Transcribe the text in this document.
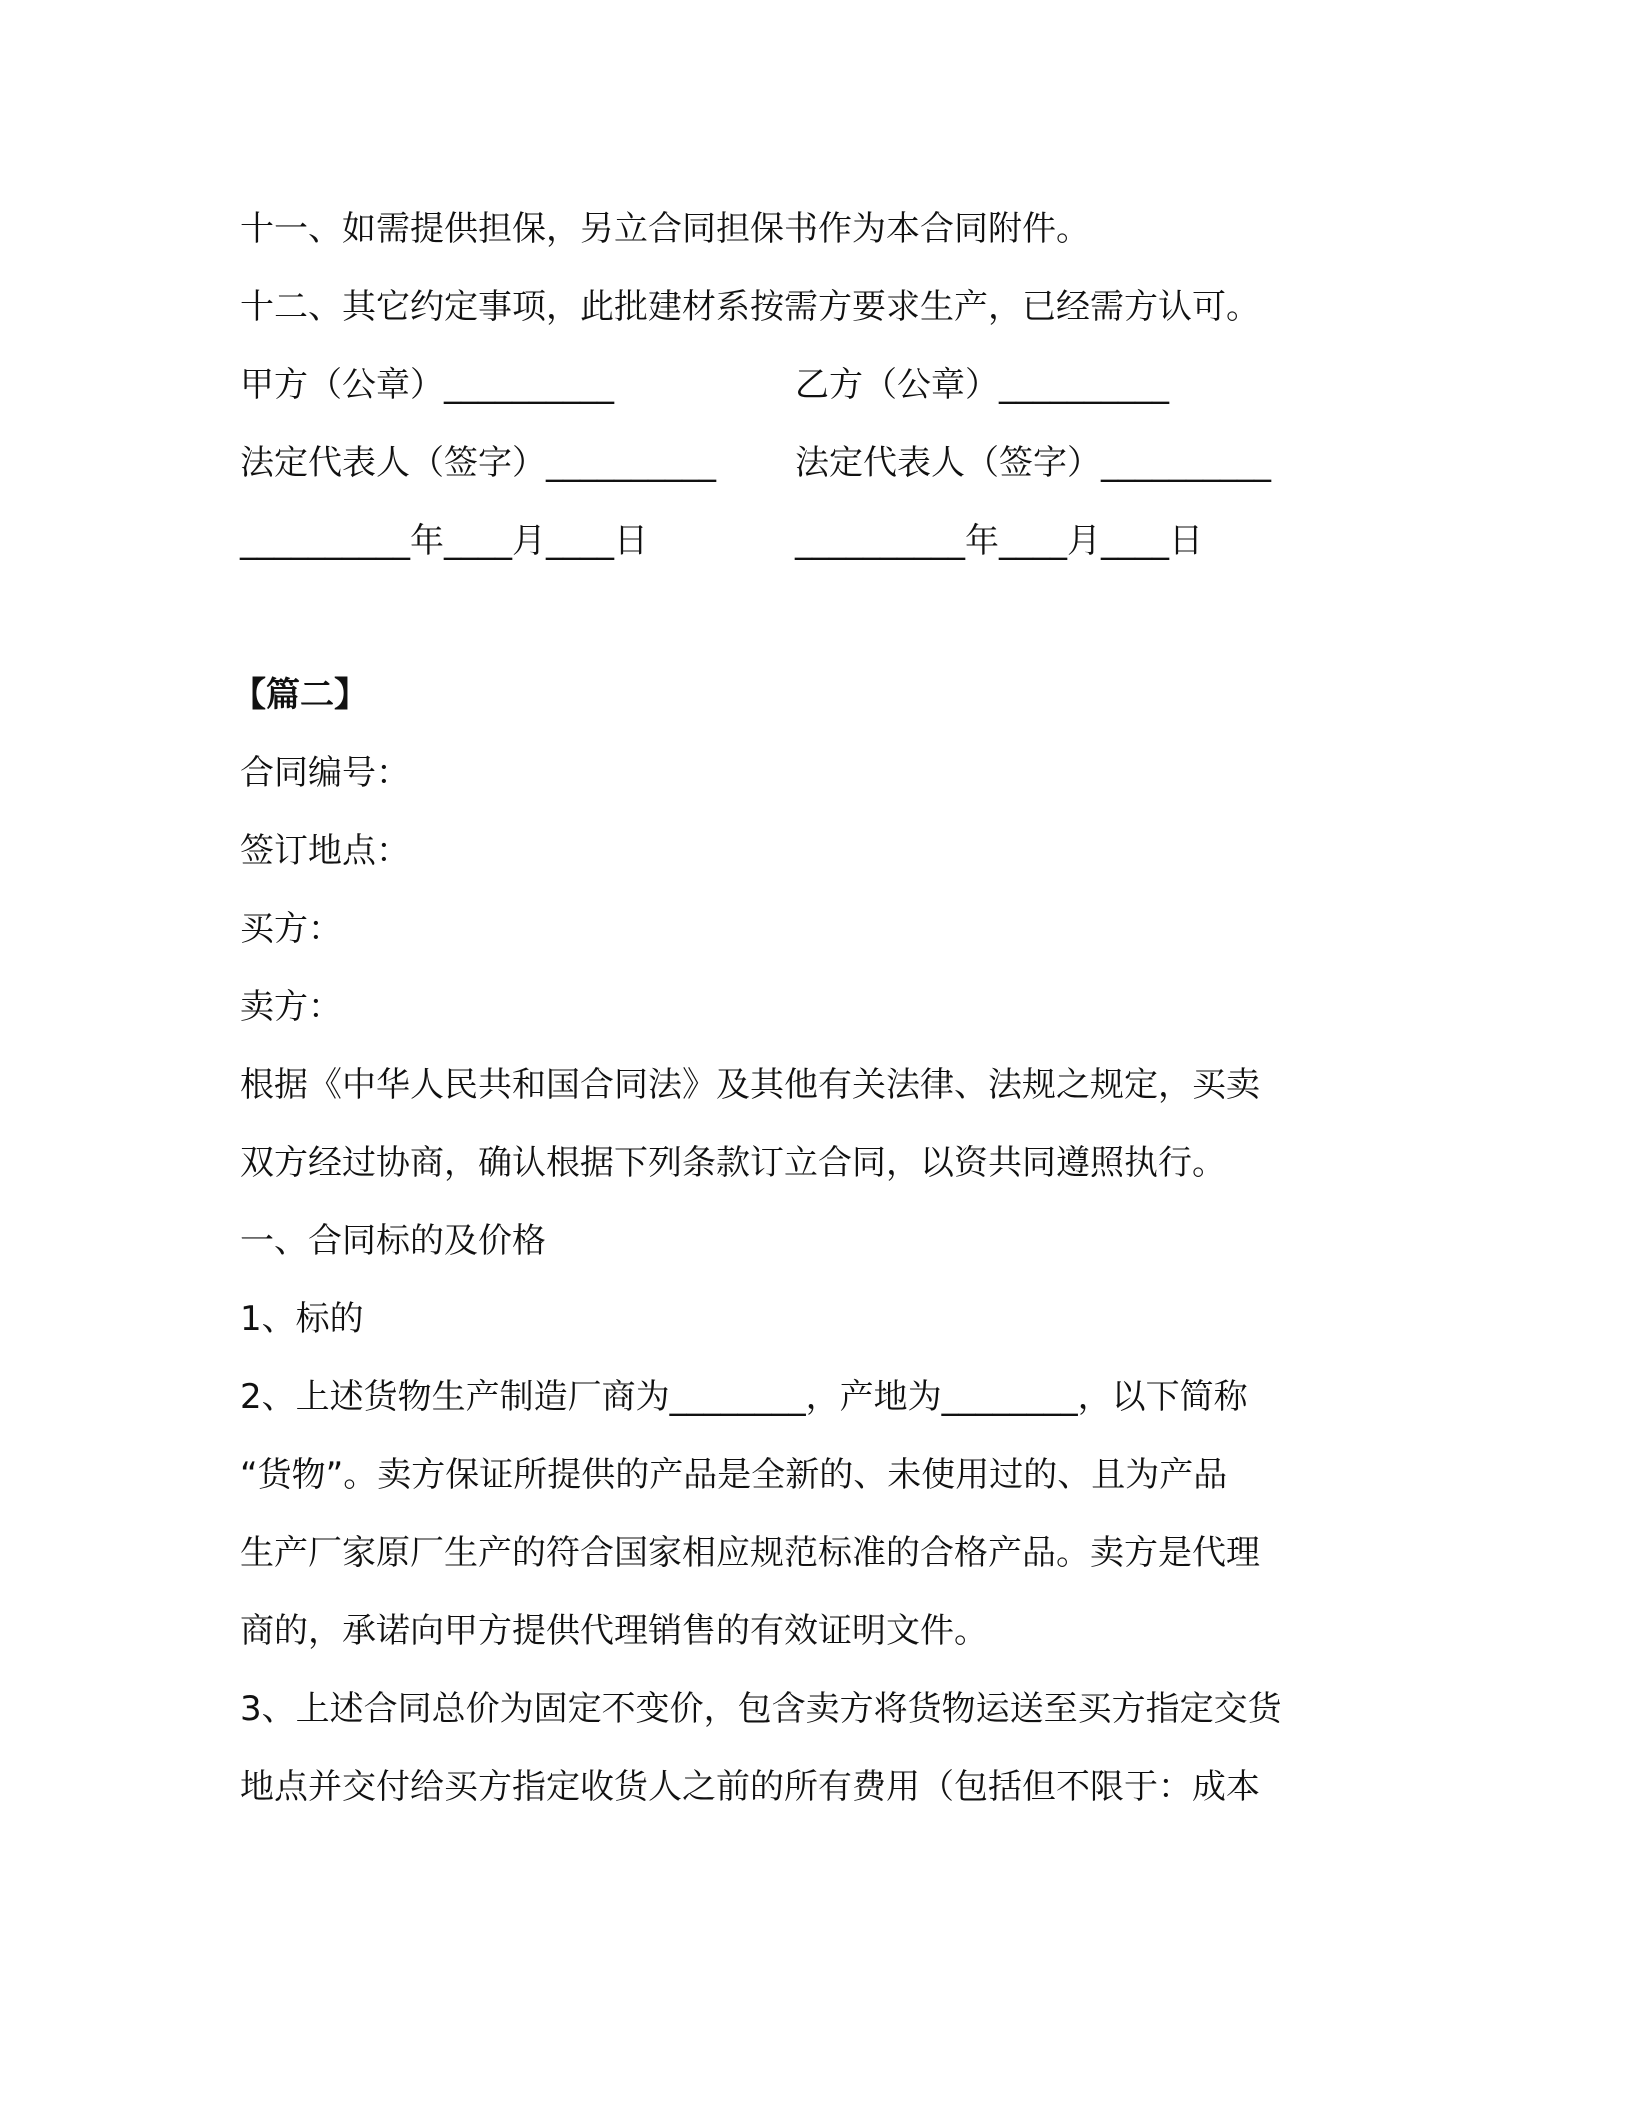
十一、如需提供担保，另立合同担保书作为本合同附件。
十二、其它约定事项，此批建材系按需方要求生产，已经需方认可。
甲方（公章）__________	乙方（公章）__________
法定代表人（签字）__________ 法定代表人（签字）__________
__________年____月____日	__________年____月____日
【篇二】
合同编号：
签订地点：
买方：
卖方：
根据《中华人民共和国合同法》及其他有关法律、法规之规定，买卖
双方经过协商，确认根据下列条款订立合同，以资共同遵照执行。
一、合同标的及价格
1、标的
2、上述货物生产制造厂商为________，产地为________，以下简称
“货物”。卖方保证所提供的产品是全新的、未使用过的、且为产品
生产厂家原厂生产的符合国家相应规范标准的合格产品。卖方是代理
商的，承诺向甲方提供代理销售的有效证明文件。
3、上述合同总价为固定不变价，包含卖方将货物运送至买方指定交货
地点并交付给买方指定收货人之前的所有费用（包括但不限于：成本
